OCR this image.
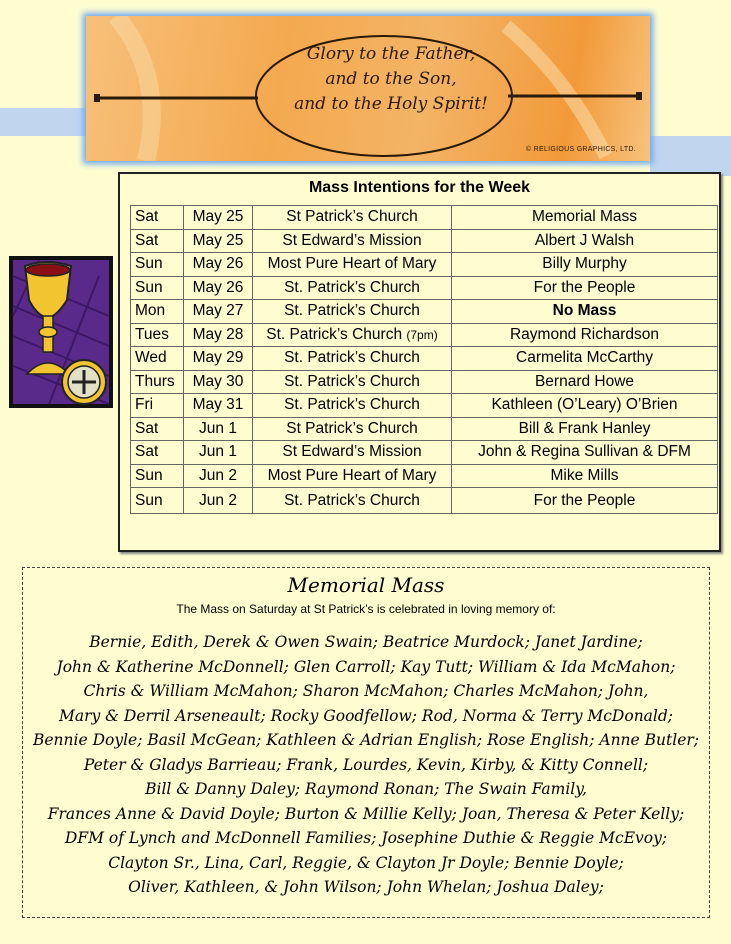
Glory to the Father,
and to the Son,
and to the Holy Spirit!
© RELIGIOUS GRAPHICS, LTD.
Mass Intentions for the Week
Sat	May 25	St Patrick’s Church	Memorial Mass
Sat	May 25	St Edward’s Mission	Albert J Walsh
Sun	May 26	Most Pure Heart of Mary	Billy Murphy
Sun	May 26	St. Patrick’s Church	For the People
Mon	May 27	St. Patrick’s Church	No Mass
Tues	May 28	St. Patrick’s Church (7pm)	Raymond Richardson
Wed	May 29	St. Patrick’s Church	Carmelita McCarthy
Thurs	May 30	St. Patrick’s Church	Bernard Howe
Fri	May 31	St. Patrick’s Church	Kathleen (O’Leary) O’Brien
Sat	Jun 1	St Patrick’s Church	Bill & Frank Hanley
Sat	Jun 1	St Edward’s Mission	John & Regina Sullivan & DFM
Sun	Jun 2	Most Pure Heart of Mary	Mike Mills
Sun	Jun 2	St. Patrick’s Church	For the People
Memorial Mass
The Mass on Saturday at St Patrick’s is celebrated in loving memory of:
Bernie, Edith, Derek & Owen Swain; Beatrice Murdock; Janet Jardine;
John & Katherine McDonnell; Glen Carroll; Kay Tutt; William & Ida McMahon;
Chris & William McMahon; Sharon McMahon; Charles McMahon; John,
Mary & Derril Arseneault; Rocky Goodfellow; Rod, Norma & Terry McDonald;
Bennie Doyle; Basil McGean; Kathleen & Adrian English; Rose English; Anne Butler;
Peter & Gladys Barrieau; Frank, Lourdes, Kevin, Kirby, & Kitty Connell;
Bill & Danny Daley; Raymond Ronan; The Swain Family,
Frances Anne & David Doyle; Burton & Millie Kelly; Joan, Theresa & Peter Kelly;
DFM of Lynch and McDonnell Families; Josephine Duthie & Reggie McEvoy;
Clayton Sr., Lina, Carl, Reggie, & Clayton Jr Doyle; Bennie Doyle;
Oliver, Kathleen, & John Wilson; John Whelan; Joshua Daley;
